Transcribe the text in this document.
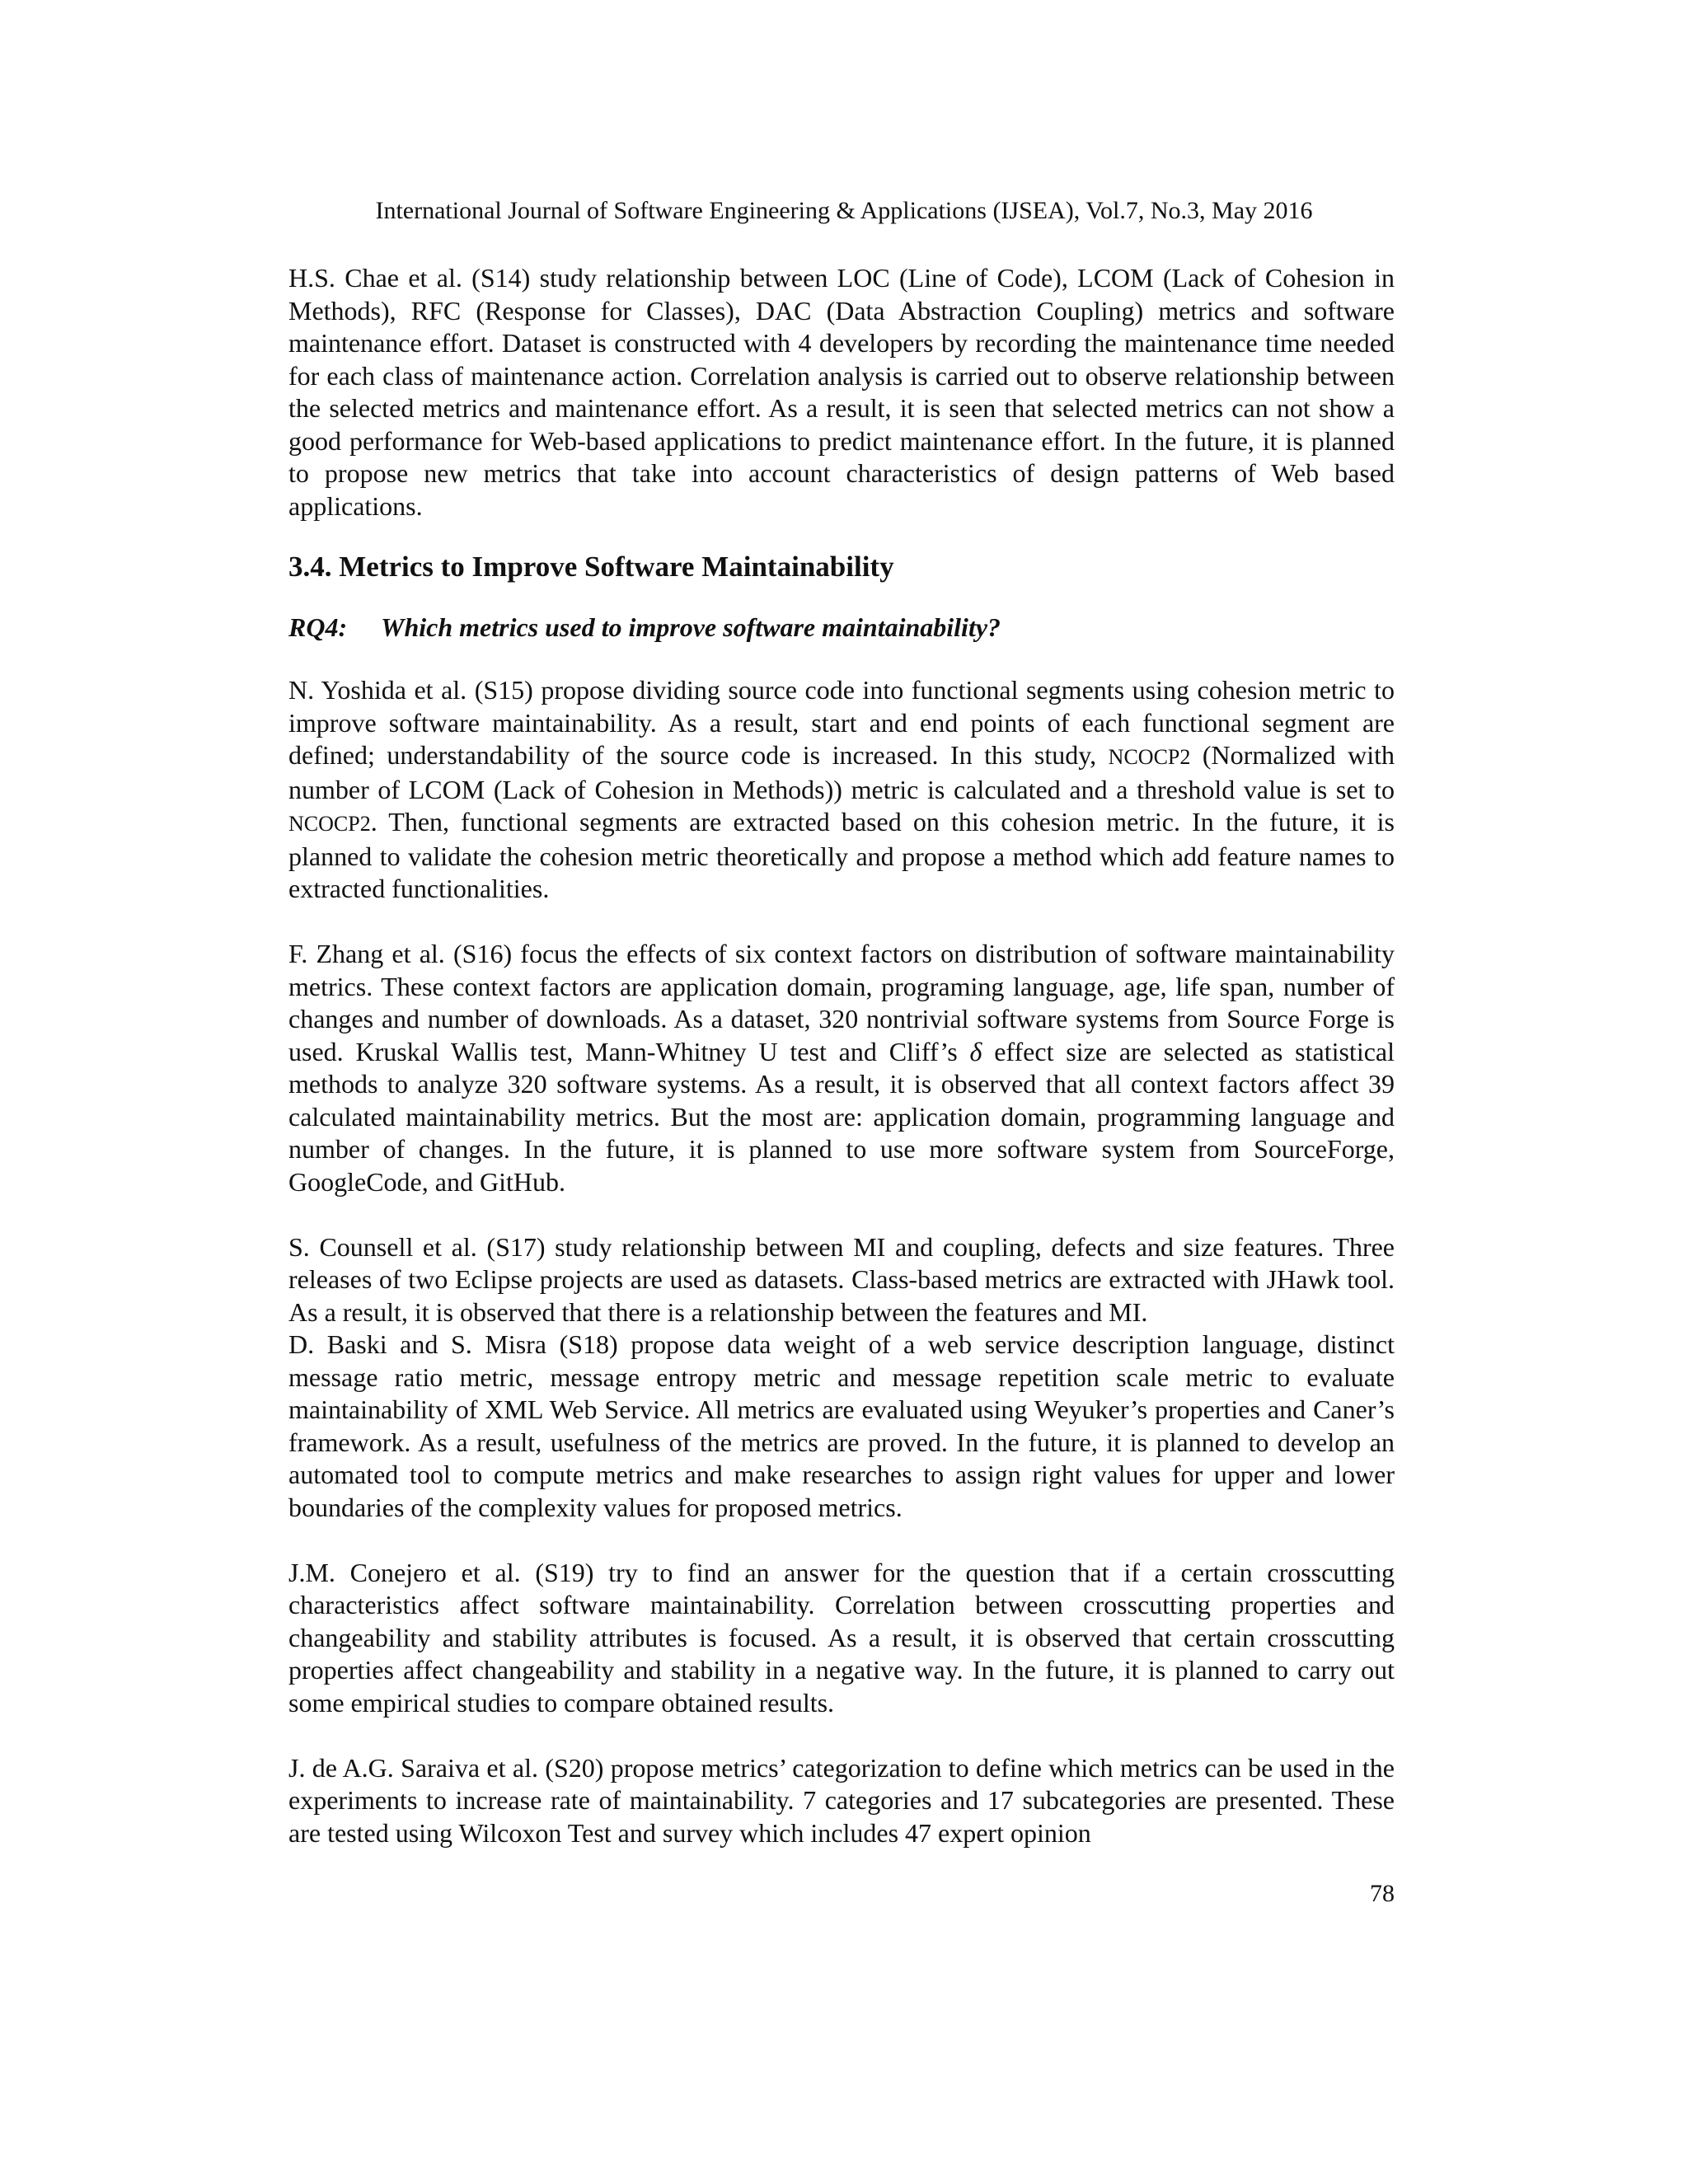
International Journal of Software Engineering & Applications (IJSEA), Vol.7, No.3, May 2016

H.S. Chae et al. (S14) study relationship between LOC (Line of Code), LCOM (Lack of Cohesion in Methods), RFC (Response for Classes), DAC (Data Abstraction Coupling) metrics and software maintenance effort. Dataset is constructed with 4 developers by recording the maintenance time needed for each class of maintenance action. Correlation analysis is carried out to observe relationship between the selected metrics and maintenance effort. As a result, it is seen that selected metrics can not show a good performance for Web-based applications to predict maintenance effort. In the future, it is planned to propose new metrics that take into account characteristics of design patterns of Web based applications.

3.4. Metrics to Improve Software Maintainability
RQ4: Which metrics used to improve software maintainability?

N. Yoshida et al. (S15) propose dividing source code into functional segments using cohesion metric to improve software maintainability. As a result, start and end points of each functional segment are defined; understandability of the source code is increased. In this study, NCOCP2 (Normalized with number of LCOM (Lack of Cohesion in Methods)) metric is calculated and a threshold value is set to NCOCP2. Then, functional segments are extracted based on this cohesion metric. In the future, it is planned to validate the cohesion metric theoretically and propose a method which add feature names to extracted functionalities.

F. Zhang et al. (S16) focus the effects of six context factors on distribution of software maintainability metrics. These context factors are application domain, programing language, age, life span, number of changes and number of downloads. As a dataset, 320 nontrivial software systems from Source Forge is used. Kruskal Wallis test, Mann-Whitney U test and Cliff’s δ effect size are selected as statistical methods to analyze 320 software systems. As a result, it is observed that all context factors affect 39 calculated maintainability metrics. But the most are: application domain, programming language and number of changes. In the future, it is planned to use more software system from SourceForge, GoogleCode, and GitHub.

S. Counsell et al. (S17) study relationship between MI and coupling, defects and size features. Three releases of two Eclipse projects are used as datasets. Class-based metrics are extracted with JHawk tool. As a result, it is observed that there is a relationship between the features and MI.

D. Baski and S. Misra (S18) propose data weight of a web service description language, distinct message ratio metric, message entropy metric and message repetition scale metric to evaluate maintainability of XML Web Service. All metrics are evaluated using Weyuker’s properties and Caner’s framework. As a result, usefulness of the metrics are proved. In the future, it is planned to develop an automated tool to compute metrics and make researches to assign right values for upper and lower boundaries of the complexity values for proposed metrics.

J.M. Conejero et al. (S19) try to find an answer for the question that if a certain crosscutting characteristics affect software maintainability. Correlation between crosscutting properties and changeability and stability attributes is focused. As a result, it is observed that certain crosscutting properties affect changeability and stability in a negative way. In the future, it is planned to carry out some empirical studies to compare obtained results.

J. de A.G. Saraiva et al. (S20) propose metrics’ categorization to define which metrics can be used in the experiments to increase rate of maintainability. 7 categories and 17 subcategories are presented. These are tested using Wilcoxon Test and survey which includes 47 expert opinion

78
